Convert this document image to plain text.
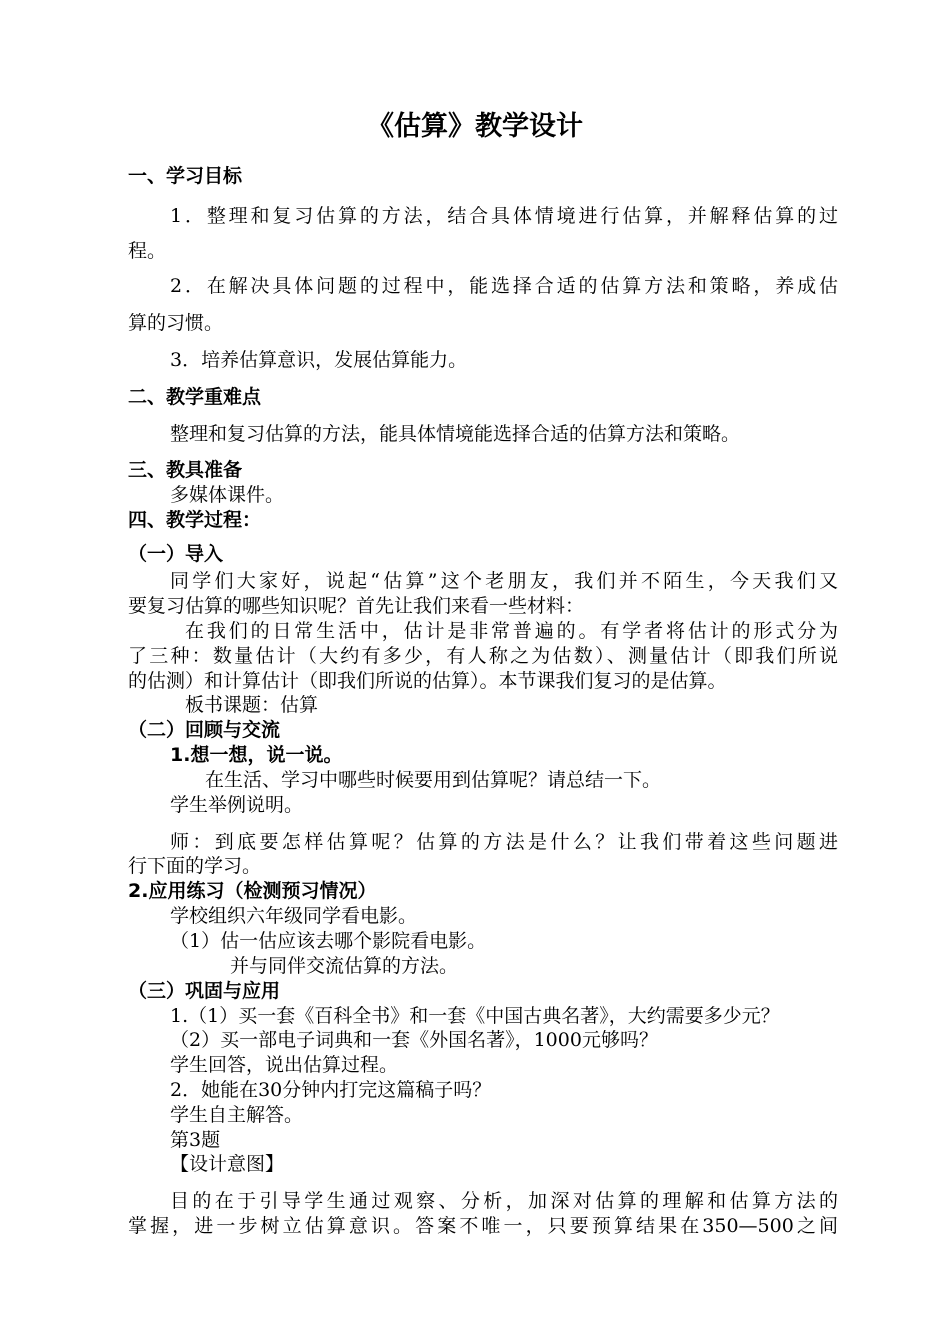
《估算》教学设计
一、学习目标
1．整理和复习估算的方法，结合具体情境进行估算，并解释估算的过
程。
2．在解决具体问题的过程中，能选择合适的估算方法和策略，养成估
算的习惯。
3．培养估算意识，发展估算能力。
二、教学重难点
整理和复习估算的方法，能具体情境能选择合适的估算方法和策略。
三、教具准备
多媒体课件。
四、教学过程：
（一）导入
同学们大家好，说起“估算”这个老朋友，我们并不陌生，今天我们又
要复习估算的哪些知识呢？首先让我们来看一些材料：
在我们的日常生活中，估计是非常普遍的。有学者将估计的形式分为
了三种：数量估计（大约有多少，有人称之为估数）、测量估计（即我们所说
的估测）和计算估计（即我们所说的估算）。本节课我们复习的是估算。
板书课题：估算
（二）回顾与交流
1.想一想，说一说。
在生活、学习中哪些时候要用到估算呢？请总结一下。
学生举例说明。
师：到底要怎样估算呢？估算的方法是什么？让我们带着这些问题进
行下面的学习。
2.应用练习（检测预习情况）
学校组织六年级同学看电影。
（1）估一估应该去哪个影院看电影。
并与同伴交流估算的方法。
（三）巩固与应用
1.（1）买一套《百科全书》和一套《中国古典名著》，大约需要多少元？
（2）买一部电子词典和一套《外国名著》，1000元够吗？
学生回答，说出估算过程。
2．她能在30分钟内打完这篇稿子吗？
学生自主解答。
第3题
【设计意图】
目的在于引导学生通过观察、分析，加深对估算的理解和估算方法的
掌握，进一步树立估算意识。答案不唯一，只要预算结果在350—500之间
